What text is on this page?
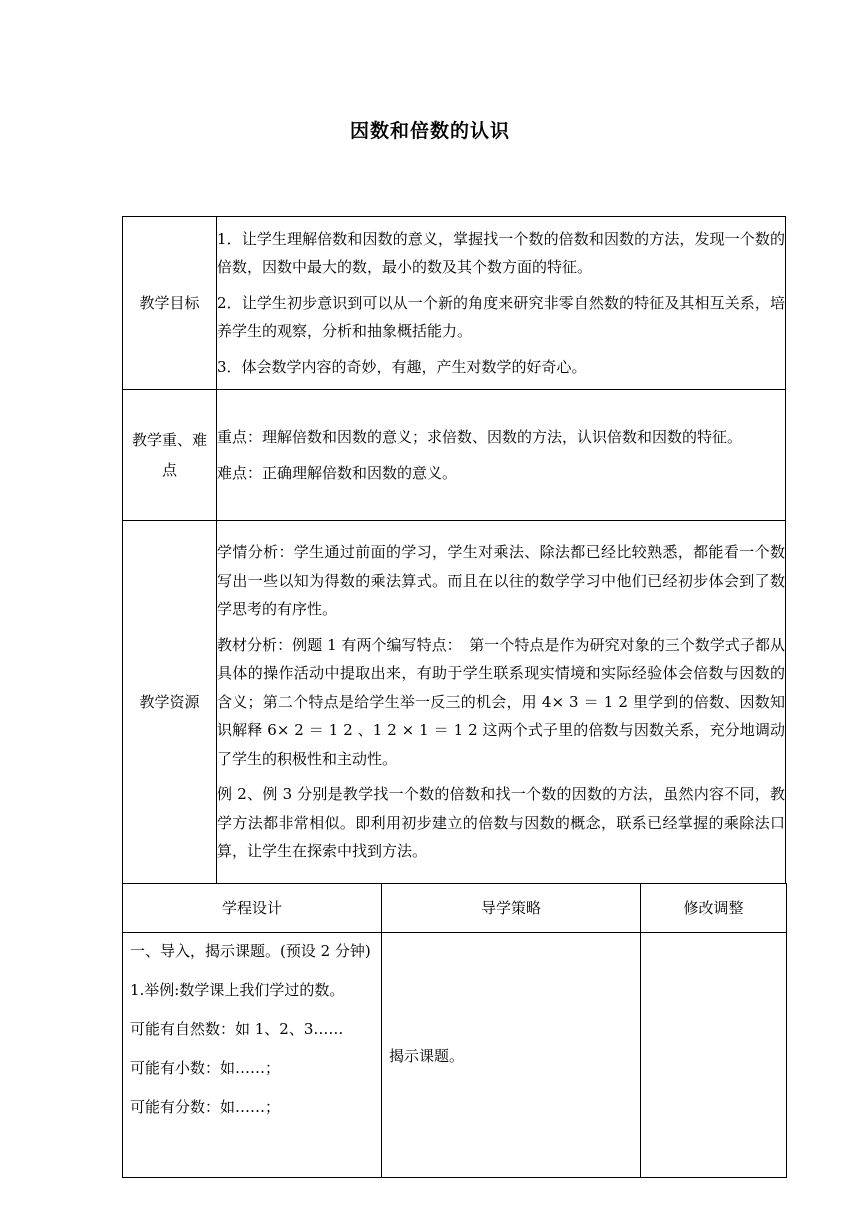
因数和倍数的认识
教学目标	1．让学生理解倍数和因数的意义，掌握找一个数的倍数和因数的方法，发现一个数的倍数，因数中最大的数，最小的数及其个数方面的特征。

2．让学生初步意识到可以从一个新的角度来研究非零自然数的特征及其相互关系，培养学生的观察，分析和抽象概括能力。

3．体会数学内容的奇妙，有趣，产生对数学的好奇心。

教学重、难点	重点：理解倍数和因数的意义；求倍数、因数的方法，认识倍数和因数的特征。

难点：正确理解倍数和因数的意义。

教学资源	学情分析：学生通过前面的学习，学生对乘法、除法都已经比较熟悉，都能看一个数写出一些以知为得数的乘法算式。而且在以往的数学学习中他们已经初步体会到了数学思考的有序性。

教材分析：例题 1 有两个编写特点：　第一个特点是作为研究对象的三个数学式子都从具体的操作活动中提取出来，有助于学生联系现实情境和实际经验体会倍数与因数的含义；第二个特点是给学生举一反三的机会，用 4× 3 ＝ 1 2 里学到的倍数、因数知识解释 6× 2 ＝ 1 2 、1 2 × 1 ＝ 1 2 这两个式子里的倍数与因数关系，充分地调动了学生的积极性和主动性。

例 2、例 3 分别是教学找一个数的倍数和找一个数的因数的方法，虽然内容不同，教学方法都非常相似。即利用初步建立的倍数与因数的概念，联系已经掌握的乘除法口算，让学生在探索中找到方法。

学程设计	导学策略	修改调整

一、导入，揭示课题。(预设 2 分钟)

1.举例:数学课上我们学过的数。

可能有自然数：如 1、2、3……

可能有小数：如……；

可能有分数：如……；	揭示课题。	
